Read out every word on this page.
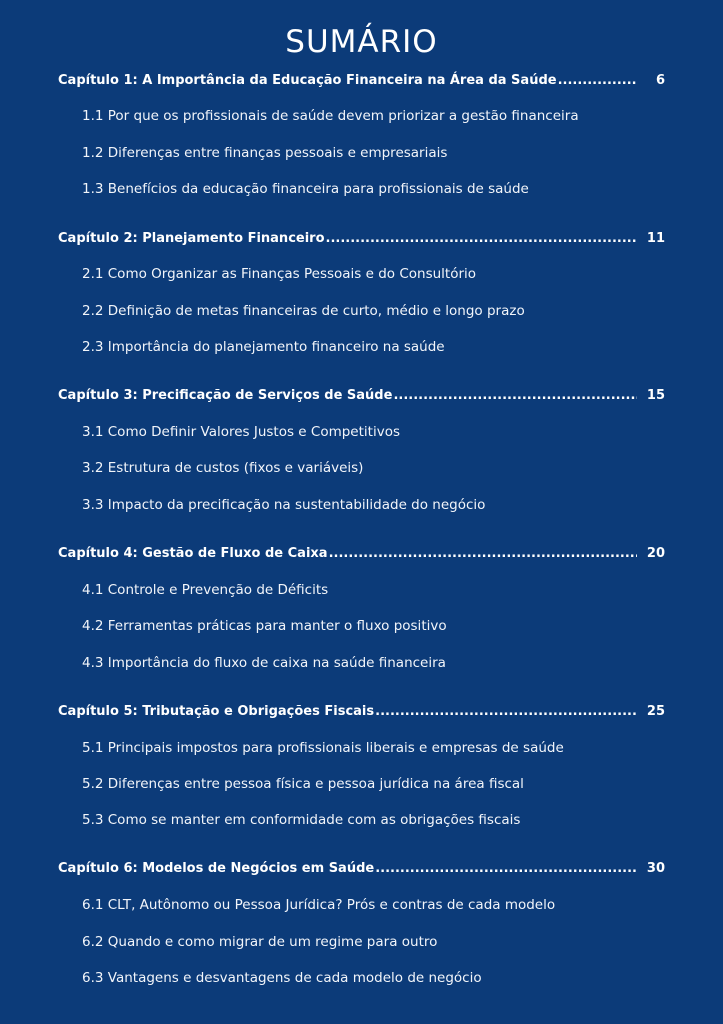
SUMÁRIO
Capítulo 1: A Importância da Educação Financeira na Área da Saúde .....	6
1.1 Por que os profissionais de saúde devem priorizar a gestão financeira
1.2 Diferenças entre finanças pessoais e empresariais
1.3 Benefícios da educação financeira para profissionais de saúde
Capítulo 2: Planejamento Financeiro .....	11
2.1 Como Organizar as Finanças Pessoais e do Consultório
2.2 Definição de metas financeiras de curto, médio e longo prazo
2.3 Importância do planejamento financeiro na saúde
Capítulo 3: Precificação de Serviços de Saúde .....	15
3.1 Como Definir Valores Justos e Competitivos
3.2 Estrutura de custos (fixos e variáveis)
3.3 Impacto da precificação na sustentabilidade do negócio
Capítulo 4: Gestão de Fluxo de Caixa .....	20
4.1 Controle e Prevenção de Déficits
4.2 Ferramentas práticas para manter o fluxo positivo
4.3 Importância do fluxo de caixa na saúde financeira
Capítulo 5: Tributação e Obrigações Fiscais .....	25
5.1 Principais impostos para profissionais liberais e empresas de saúde
5.2 Diferenças entre pessoa física e pessoa jurídica na área fiscal
5.3 Como se manter em conformidade com as obrigações fiscais
Capítulo 6: Modelos de Negócios em Saúde .....	30
6.1 CLT, Autônomo ou Pessoa Jurídica? Prós e contras de cada modelo
6.2 Quando e como migrar de um regime para outro
6.3 Vantagens e desvantagens de cada modelo de negócio
